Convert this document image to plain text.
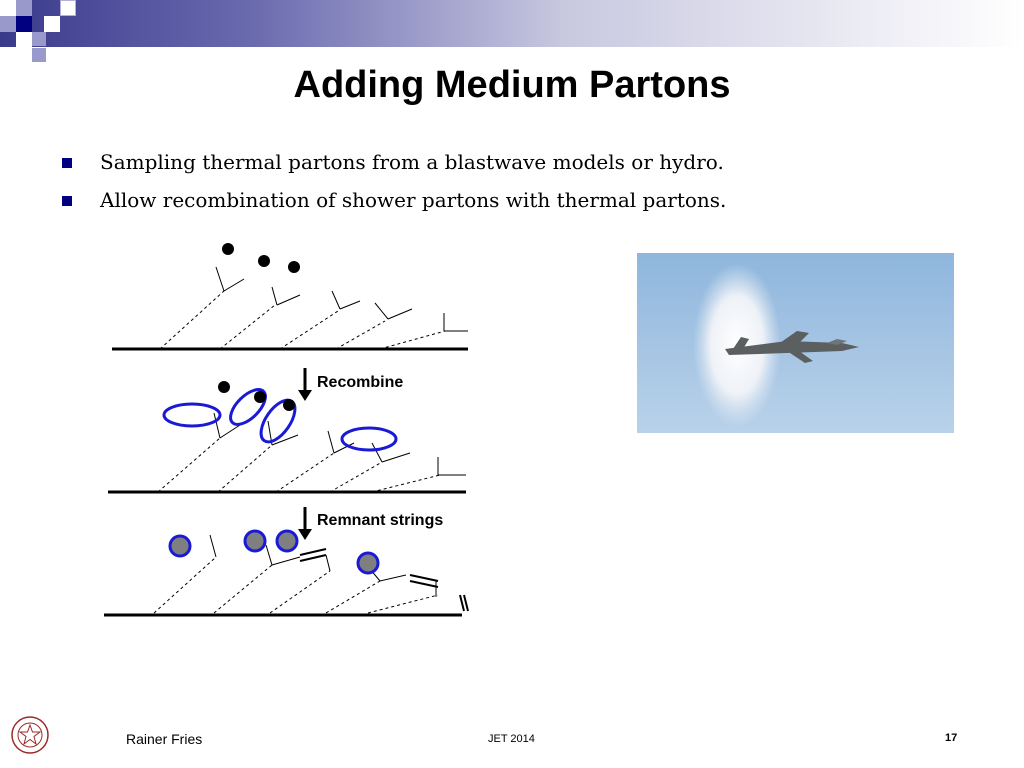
Adding Medium Partons
Sampling thermal partons from a blastwave models or hydro.
Allow recombination of shower partons with thermal partons.
Recombine
Remnant strings
Rainer Fries	JET 2014	17
